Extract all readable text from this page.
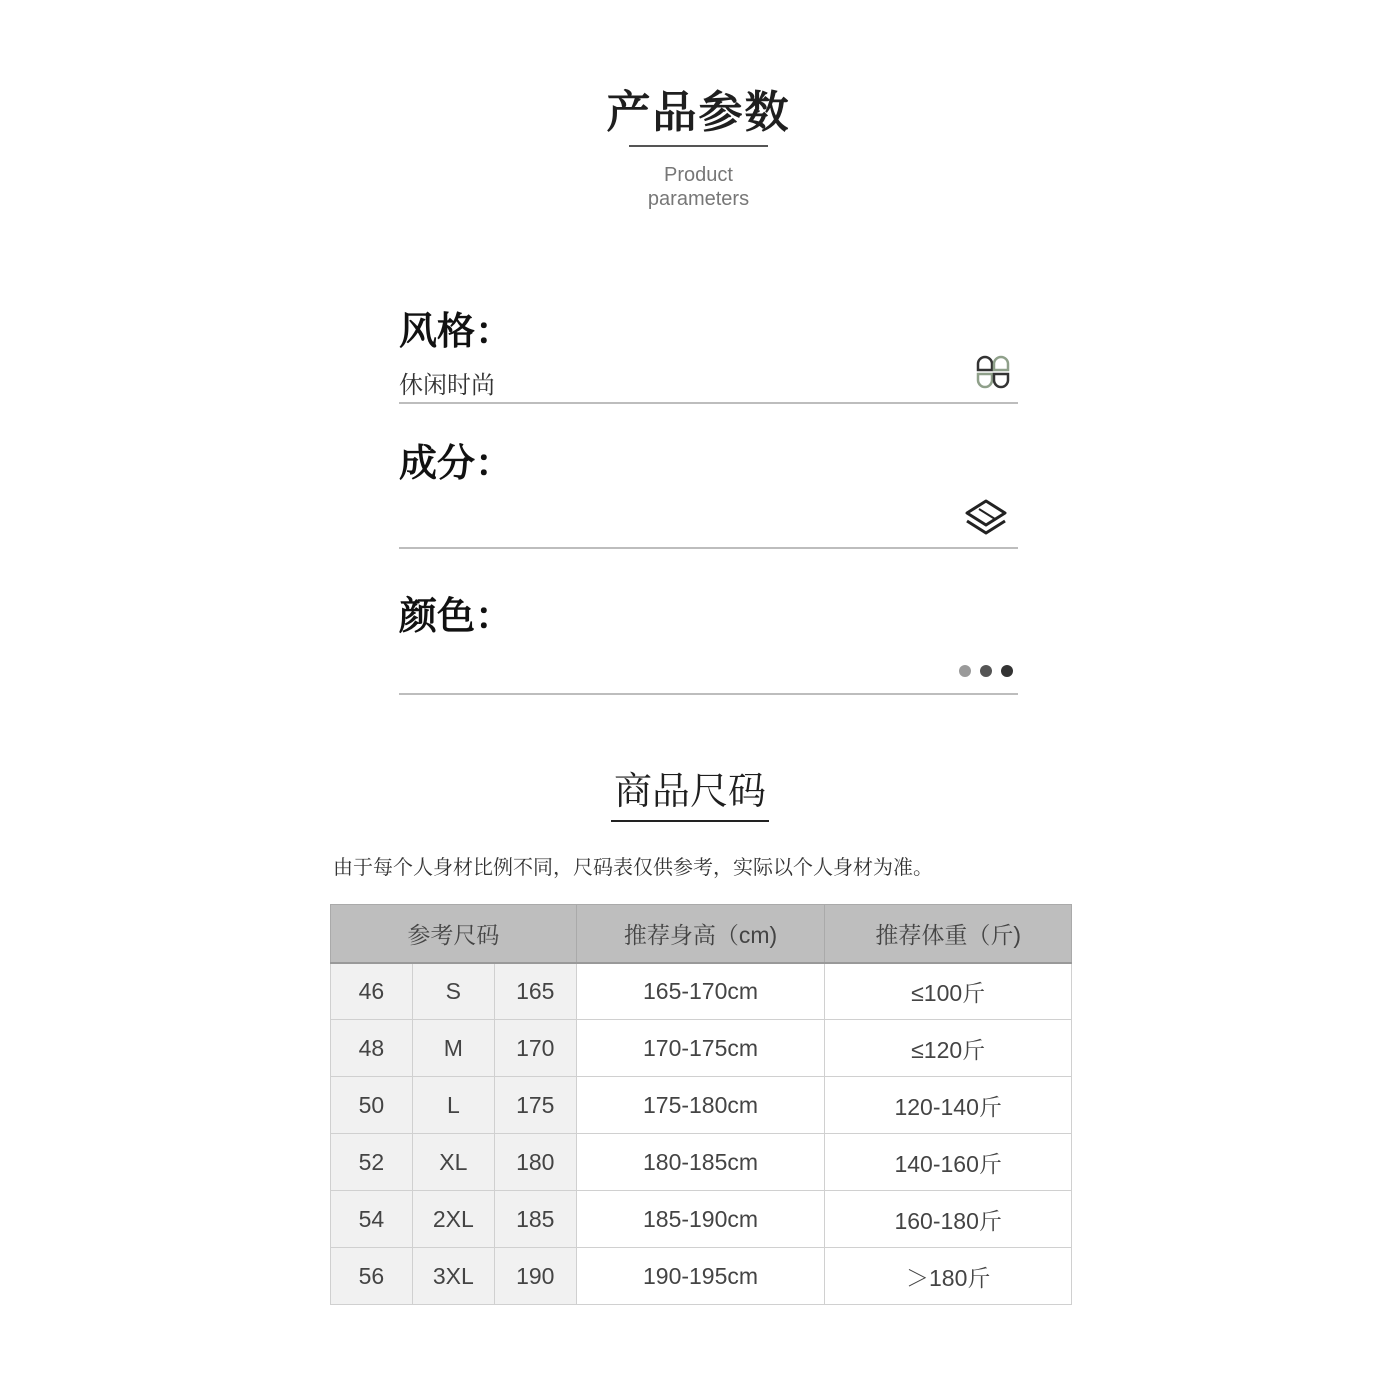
产品参数
Product
parameters
风格：
休闲时尚
成分：
颜色：
商品尺码
由于每个人身材比例不同，尺码表仅供参考，实际以个人身材为准。
参考尺码			推荐身高（cm)	推荐体重（斤)
46	S	165	165-170cm	≤100斤
48	M	170	170-175cm	≤120斤
50	L	175	175-180cm	120-140斤
52	XL	180	180-185cm	140-160斤
54	2XL	185	185-190cm	160-180斤
56	3XL	190	190-195cm	＞180斤
